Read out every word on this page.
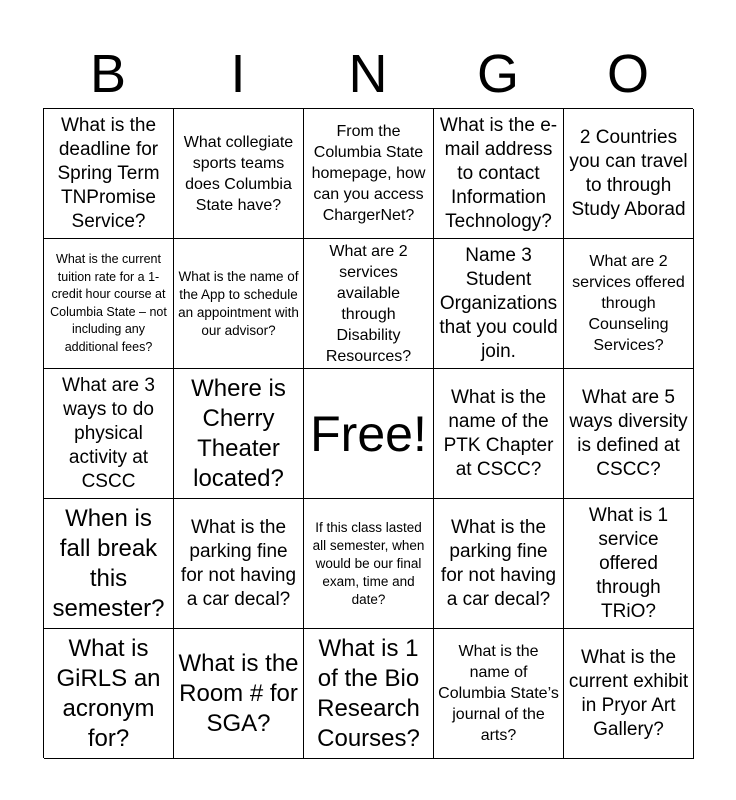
B	I	N	G	O
What is the deadline for Spring Term TNPromise Service?
What collegiate sports teams does Columbia State have?
From the Columbia State homepage, how can you access ChargerNet?
What is the e-mail address to contact Information Technology?
2 Countries you can travel to through Study Aborad
What is the current tuition rate for a 1-credit hour course at Columbia State – not including any additional fees?
What is the name of the App to schedule an appointment with our advisor?
What are 2 services available through Disability Resources?
Name 3 Student Organizations that you could join.
What are 2 services offered through Counseling Services?
What are 3 ways to do physical activity at CSCC
Where is Cherry Theater located?
Free!
What is the name of the PTK Chapter at CSCC?
What are 5 ways diversity is defined at CSCC?
When is fall break this semester?
What is the parking fine for not having a car decal?
If this class lasted all semester, when would be our final exam, time and date?
What is the parking fine for not having a car decal?
What is 1 service offered through TRiO?
What is GiRLS an acronym for?
What is the Room # for SGA?
What is 1 of the Bio Research Courses?
What is the name of Columbia State’s journal of the arts?
What is the current exhibit in Pryor Art Gallery?
